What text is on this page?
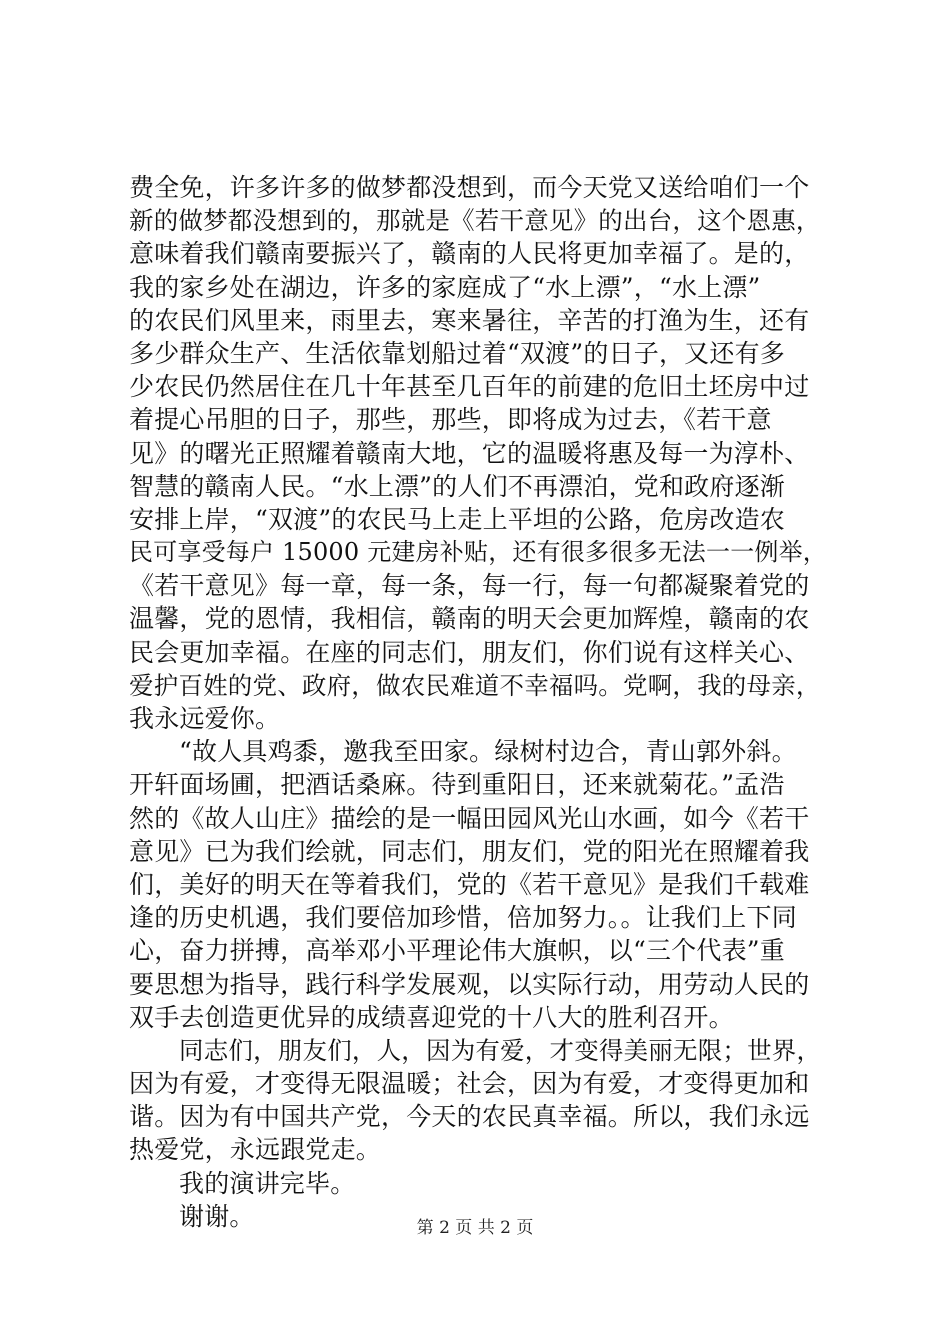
费全免，许多许多的做梦都没想到，而今天党又送给咱们一个
新的做梦都没想到的，那就是《若干意见》的出台，这个恩惠，
意味着我们赣南要振兴了，赣南的人民将更加幸福了。是的，
我的家乡处在湖边，许多的家庭成了“水上漂”，“水上漂”
的农民们风里来，雨里去，寒来暑往，辛苦的打渔为生，还有
多少群众生产、生活依靠划船过着“双渡”的日子，又还有多
少农民仍然居住在几十年甚至几百年的前建的危旧土坯房中过
着提心吊胆的日子，那些，那些，即将成为过去，《若干意
见》的曙光正照耀着赣南大地，它的温暖将惠及每一为淳朴、
智慧的赣南人民。“水上漂”的人们不再漂泊，党和政府逐渐
安排上岸，“双渡”的农民马上走上平坦的公路，危房改造农
民可享受每户 15000 元建房补贴，还有很多很多无法一一例举，
《若干意见》每一章，每一条，每一行，每一句都凝聚着党的
温馨，党的恩情，我相信，赣南的明天会更加辉煌，赣南的农
民会更加幸福。在座的同志们，朋友们，你们说有这样关心、
爱护百姓的党、政府，做农民难道不幸福吗。党啊，我的母亲，
我永远爱你。
“故人具鸡黍，邀我至田家。绿树村边合，青山郭外斜。
开轩面场圃，把酒话桑麻。待到重阳日，还来就菊花。”孟浩
然的《故人山庄》描绘的是一幅田园风光山水画，如今《若干
意见》已为我们绘就，同志们，朋友们，党的阳光在照耀着我
们，美好的明天在等着我们，党的《若干意见》是我们千载难
逢的历史机遇，我们要倍加珍惜，倍加努力。。让我们上下同
心，奋力拼搏，高举邓小平理论伟大旗帜，以“三个代表”重
要思想为指导，践行科学发展观，以实际行动，用劳动人民的
双手去创造更优异的成绩喜迎党的十八大的胜利召开。
同志们，朋友们，人，因为有爱，才变得美丽无限；世界，
因为有爱，才变得无限温暖；社会，因为有爱，才变得更加和
谐。因为有中国共产党，今天的农民真幸福。所以，我们永远
热爱党，永远跟党走。
我的演讲完毕。
谢谢。	第 2 页 共 2 页
